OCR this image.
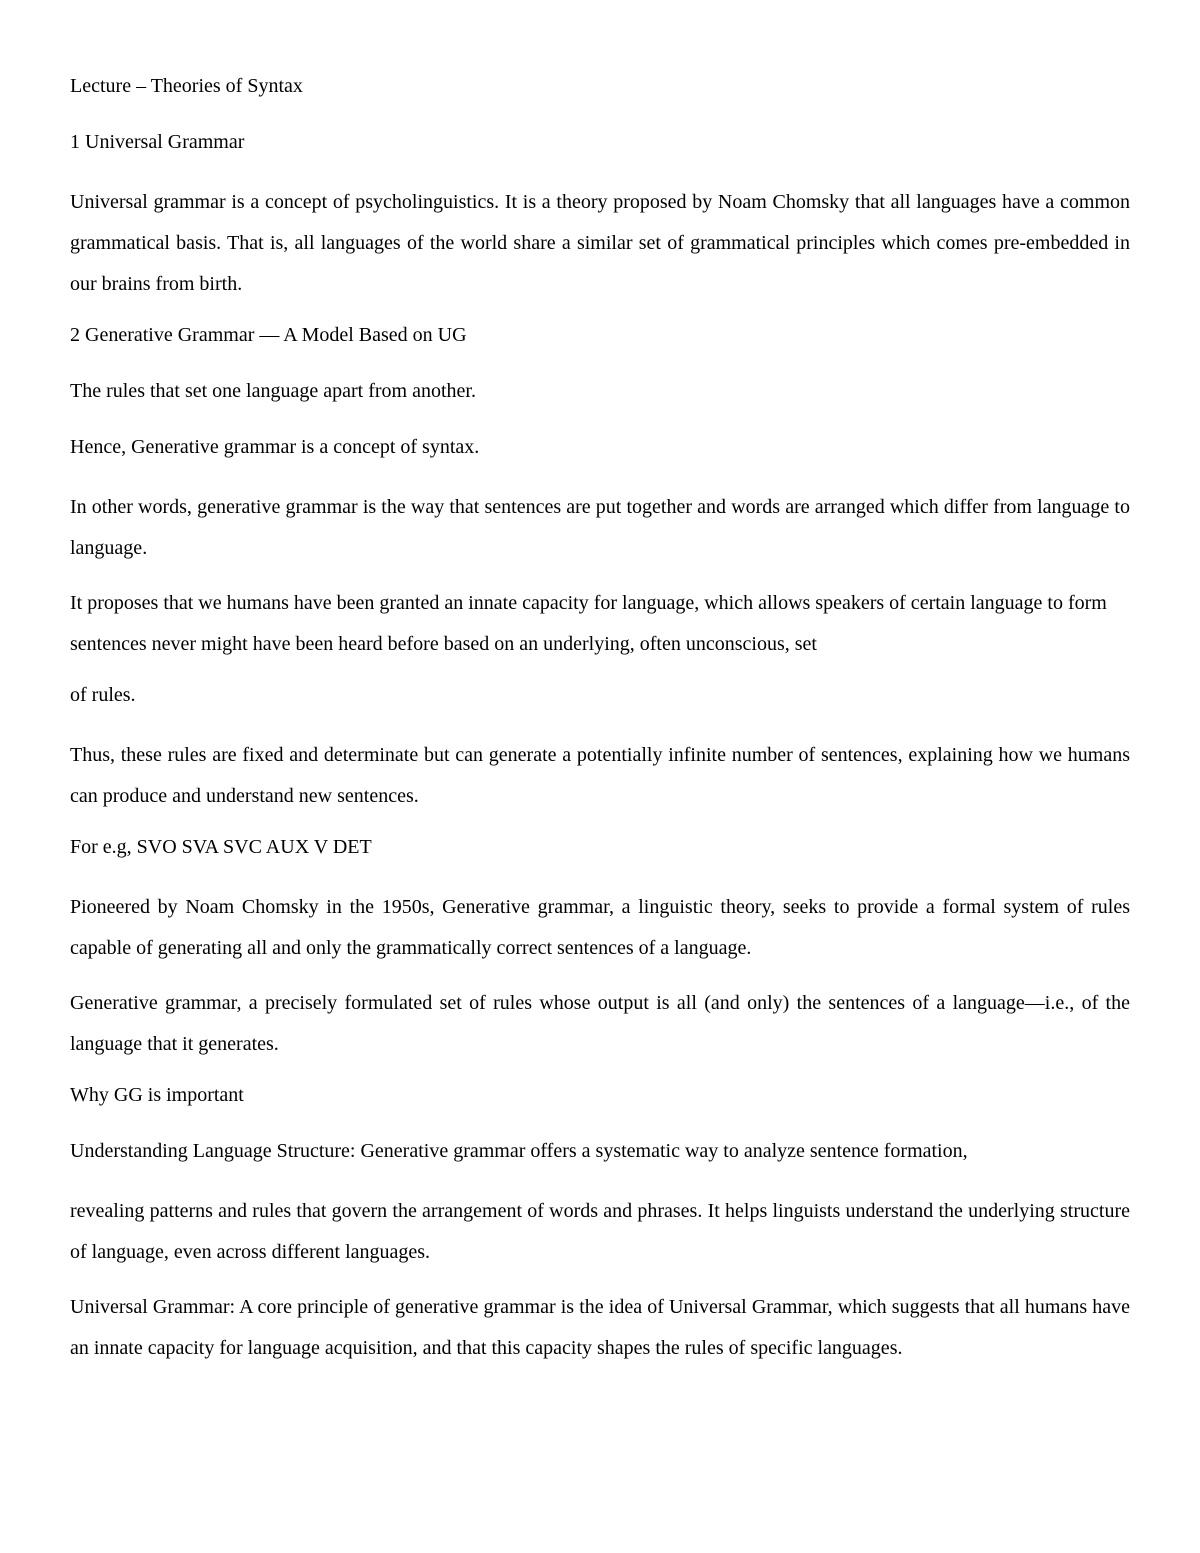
Lecture – Theories of Syntax

1 Universal Grammar

Universal grammar is a concept of psycholinguistics. It is a theory proposed by Noam Chomsky that all languages have a common grammatical basis. That is, all languages of the world share a similar set of grammatical principles which comes pre-embedded in our brains from birth.

2 Generative Grammar — A Model Based on UG

The rules that set one language apart from another.

Hence, Generative grammar is a concept of syntax.

In other words, generative grammar is the way that sentences are put together and words are arranged which differ from language to language.

It proposes that we humans have been granted an innate capacity for language, which allows speakers of certain language to form sentences never might have been heard before based on an underlying, often unconscious, set

of rules.

Thus, these rules are fixed and determinate but can generate a potentially infinite number of sentences, explaining how we humans can produce and understand new sentences.

For e.g, SVO SVA SVC AUX V DET

Pioneered by Noam Chomsky in the 1950s, Generative grammar, a linguistic theory, seeks to provide a formal system of rules capable of generating all and only the grammatically correct sentences of a language.

Generative grammar, a precisely formulated set of rules whose output is all (and only) the sentences of a language—i.e., of the language that it generates.

Why GG is important

Understanding Language Structure: Generative grammar offers a systematic way to analyze sentence formation,

revealing patterns and rules that govern the arrangement of words and phrases. It helps linguists understand the underlying structure of language, even across different languages.

Universal Grammar: A core principle of generative grammar is the idea of Universal Grammar, which suggests that all humans have an innate capacity for language acquisition, and that this capacity shapes the rules of specific languages.
